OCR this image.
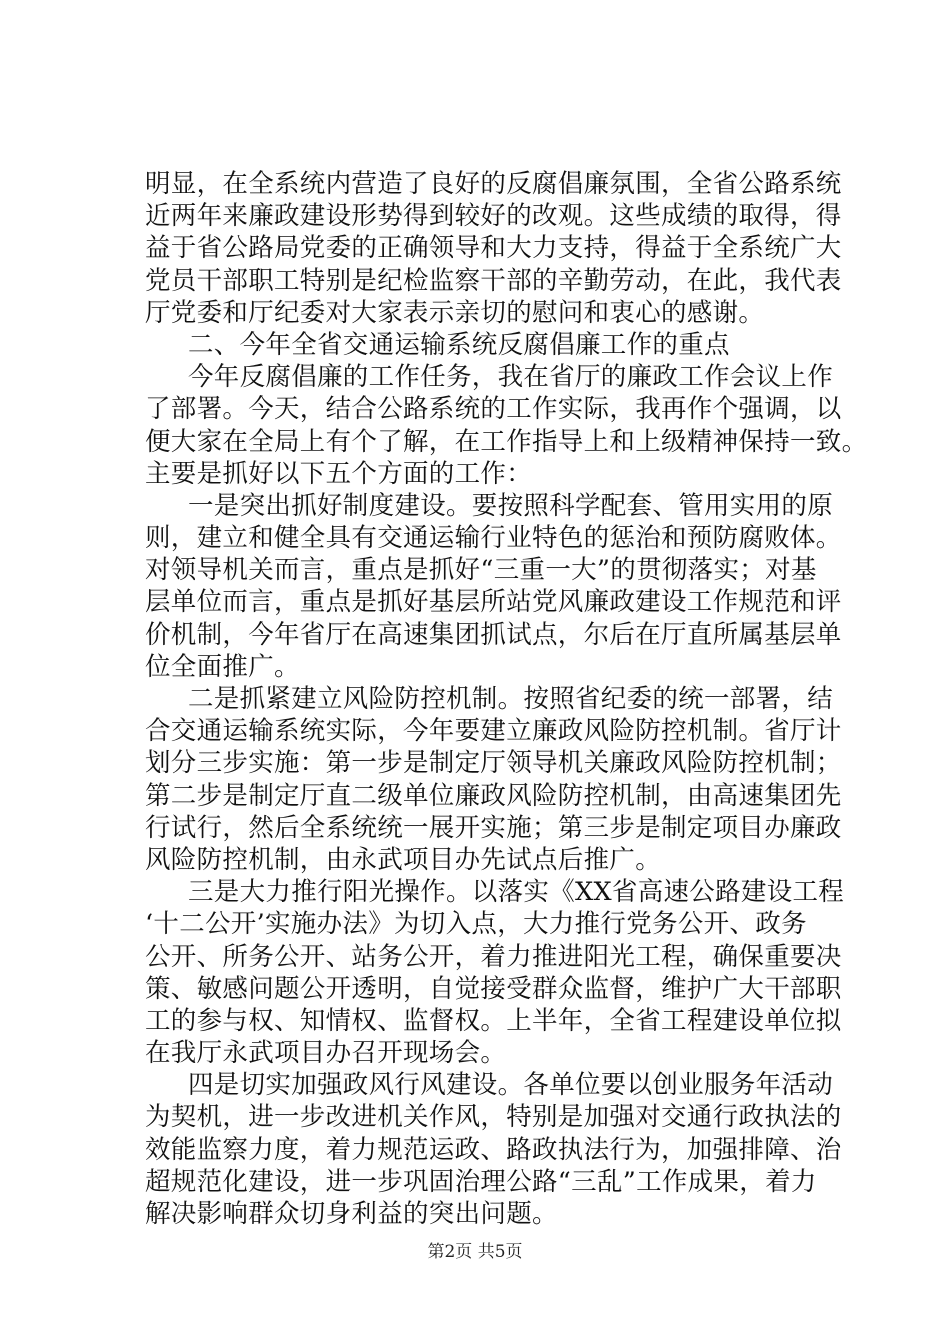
明显，在全系统内营造了良好的反腐倡廉氛围，全省公路系统
近两年来廉政建设形势得到较好的改观。这些成绩的取得，得
益于省公路局党委的正确领导和大力支持，得益于全系统广大
党员干部职工特别是纪检监察干部的辛勤劳动，在此，我代表
厅党委和厅纪委对大家表示亲切的慰问和衷心的感谢。
二、今年全省交通运输系统反腐倡廉工作的重点
今年反腐倡廉的工作任务，我在省厅的廉政工作会议上作
了部署。今天，结合公路系统的工作实际，我再作个强调，以
便大家在全局上有个了解，在工作指导上和上级精神保持一致。
主要是抓好以下五个方面的工作：
一是突出抓好制度建设。要按照科学配套、管用实用的原
则，建立和健全具有交通运输行业特色的惩治和预防腐败体。
对领导机关而言，重点是抓好“三重一大”的贯彻落实；对基
层单位而言，重点是抓好基层所站党风廉政建设工作规范和评
价机制，今年省厅在高速集团抓试点，尔后在厅直所属基层单
位全面推广。
二是抓紧建立风险防控机制。按照省纪委的统一部署，结
合交通运输系统实际，今年要建立廉政风险防控机制。省厅计
划分三步实施：第一步是制定厅领导机关廉政风险防控机制；
第二步是制定厅直二级单位廉政风险防控机制，由高速集团先
行试行，然后全系统统一展开实施；第三步是制定项目办廉政
风险防控机制，由永武项目办先试点后推广。
三是大力推行阳光操作。以落实《XX省高速公路建设工程
‘十二公开’实施办法》为切入点，大力推行党务公开、政务
公开、所务公开、站务公开，着力推进阳光工程，确保重要决
策、敏感问题公开透明，自觉接受群众监督，维护广大干部职
工的参与权、知情权、监督权。上半年，全省工程建设单位拟
在我厅永武项目办召开现场会。
四是切实加强政风行风建设。各单位要以创业服务年活动
为契机，进一步改进机关作风，特别是加强对交通行政执法的
效能监察力度，着力规范运政、路政执法行为，加强排障、治
超规范化建设，进一步巩固治理公路“三乱”工作成果，着力
解决影响群众切身利益的突出问题。
第2页 共5页
